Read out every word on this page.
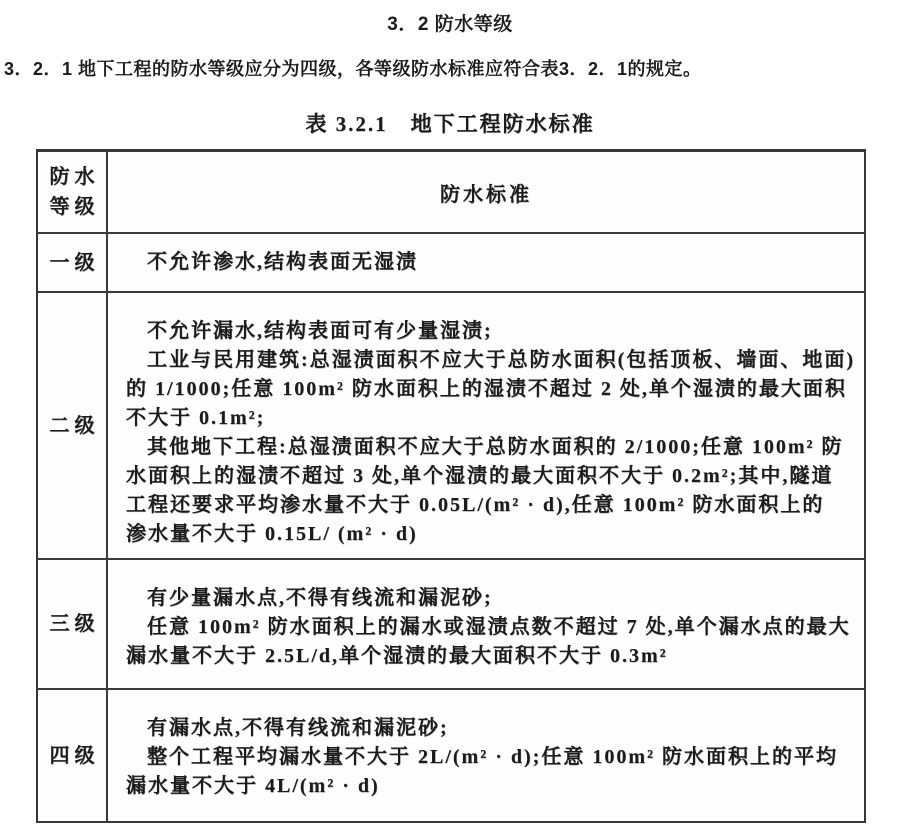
3．2 防水等级
3．2．1 地下工程的防水等级应分为四级，各等级防水标准应符合表3．2．1的规定。
表 3.2.1　地下工程防水标准
防水
等级
防水标准
一级	不允许渗水,结构表面无湿渍
二级
不允许漏水,结构表面可有少量湿渍;
工业与民用建筑:总湿渍面积不应大于总防水面积(包括顶板、墙面、地面)
的 1/1000;任意 100m² 防水面积上的湿渍不超过 2 处,单个湿渍的最大面积
不大于 0.1m²;
其他地下工程:总湿渍面积不应大于总防水面积的 2/1000;任意 100m² 防
水面积上的湿渍不超过 3 处,单个湿渍的最大面积不大于 0.2m²;其中,隧道
工程还要求平均渗水量不大于 0.05L/(m² · d),任意 100m² 防水面积上的
渗水量不大于 0.15L/ (m² · d)
三级
有少量漏水点,不得有线流和漏泥砂;
任意 100m² 防水面积上的漏水或湿渍点数不超过 7 处,单个漏水点的最大
漏水量不大于 2.5L/d,单个湿渍的最大面积不大于 0.3m²
四级
有漏水点,不得有线流和漏泥砂;
整个工程平均漏水量不大于 2L/(m² · d);任意 100m² 防水面积上的平均
漏水量不大于 4L/(m² · d)
